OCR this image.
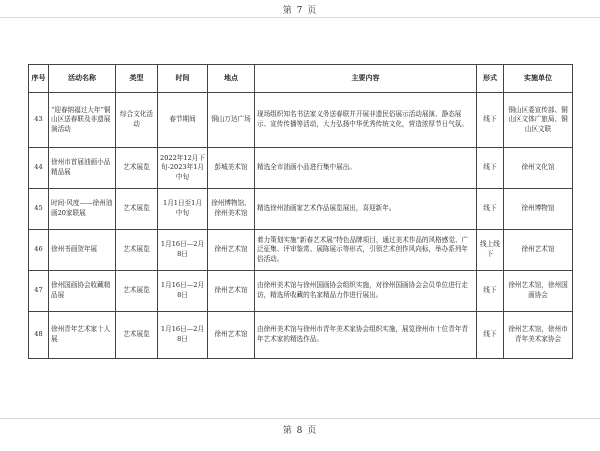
第 7 页
序号	活动名称	类型	时间	地点	主要内容	形式	实施单位
43	“迎春纳福过大年”铜山区送春联及非遗展演活动	综合文化活动	春节期间	铜山万达广场	现场组织知名书法家义务送春联并开展非遗民俗展示活动展演、静态展示、宣传传播等活动，大力弘扬中华优秀传统文化，营造浓厚节日气氛。	线下	铜山区委宣传部、铜山区文体广旅局、铜山区文联
44	徐州市首届油画小品精品展	艺术展览	2022年12月下旬-2023年1月中旬	彭城美术馆	精选全市油画小品进行集中展出。	线下	徐州文化馆
45	时间·风度——徐州油画20家联展	艺术展览	1月1日至1月中旬	徐州博物馆、徐州美术馆	精选徐州油画家艺术作品展览展出，喜迎新年。	线下	徐州博物馆
46	徐州书画贺年展	艺术展览	1月16日—2月8日	徐州艺术馆	着力策划实施“新春艺术展”特色品牌项目，通过美术作品的风格感觉、广泛征集、评审鉴赏、展陈展示等形式，引领艺术创作风向标，举办系列年俗活动。	线上线下	徐州艺术馆
47	徐州国画协会收藏精品展	艺术展览	1月16日—2月8日	徐州艺术馆	由徐州美术馆与徐州国画协会组织实施，对徐州国画协会会员单位进行走访，精选所收藏的名家精品力作进行展出。	线下	徐州艺术馆，徐州国画协会
48	徐州青年艺术家十人展	艺术展览	1月16日—2月8日	徐州艺术馆	由徐州美术馆与徐州市青年美术家协会组织实施，展览徐州市十位青年青年艺术家的精选作品。	线下	徐州艺术馆，徐州市青年美术家协会
第 8 页
